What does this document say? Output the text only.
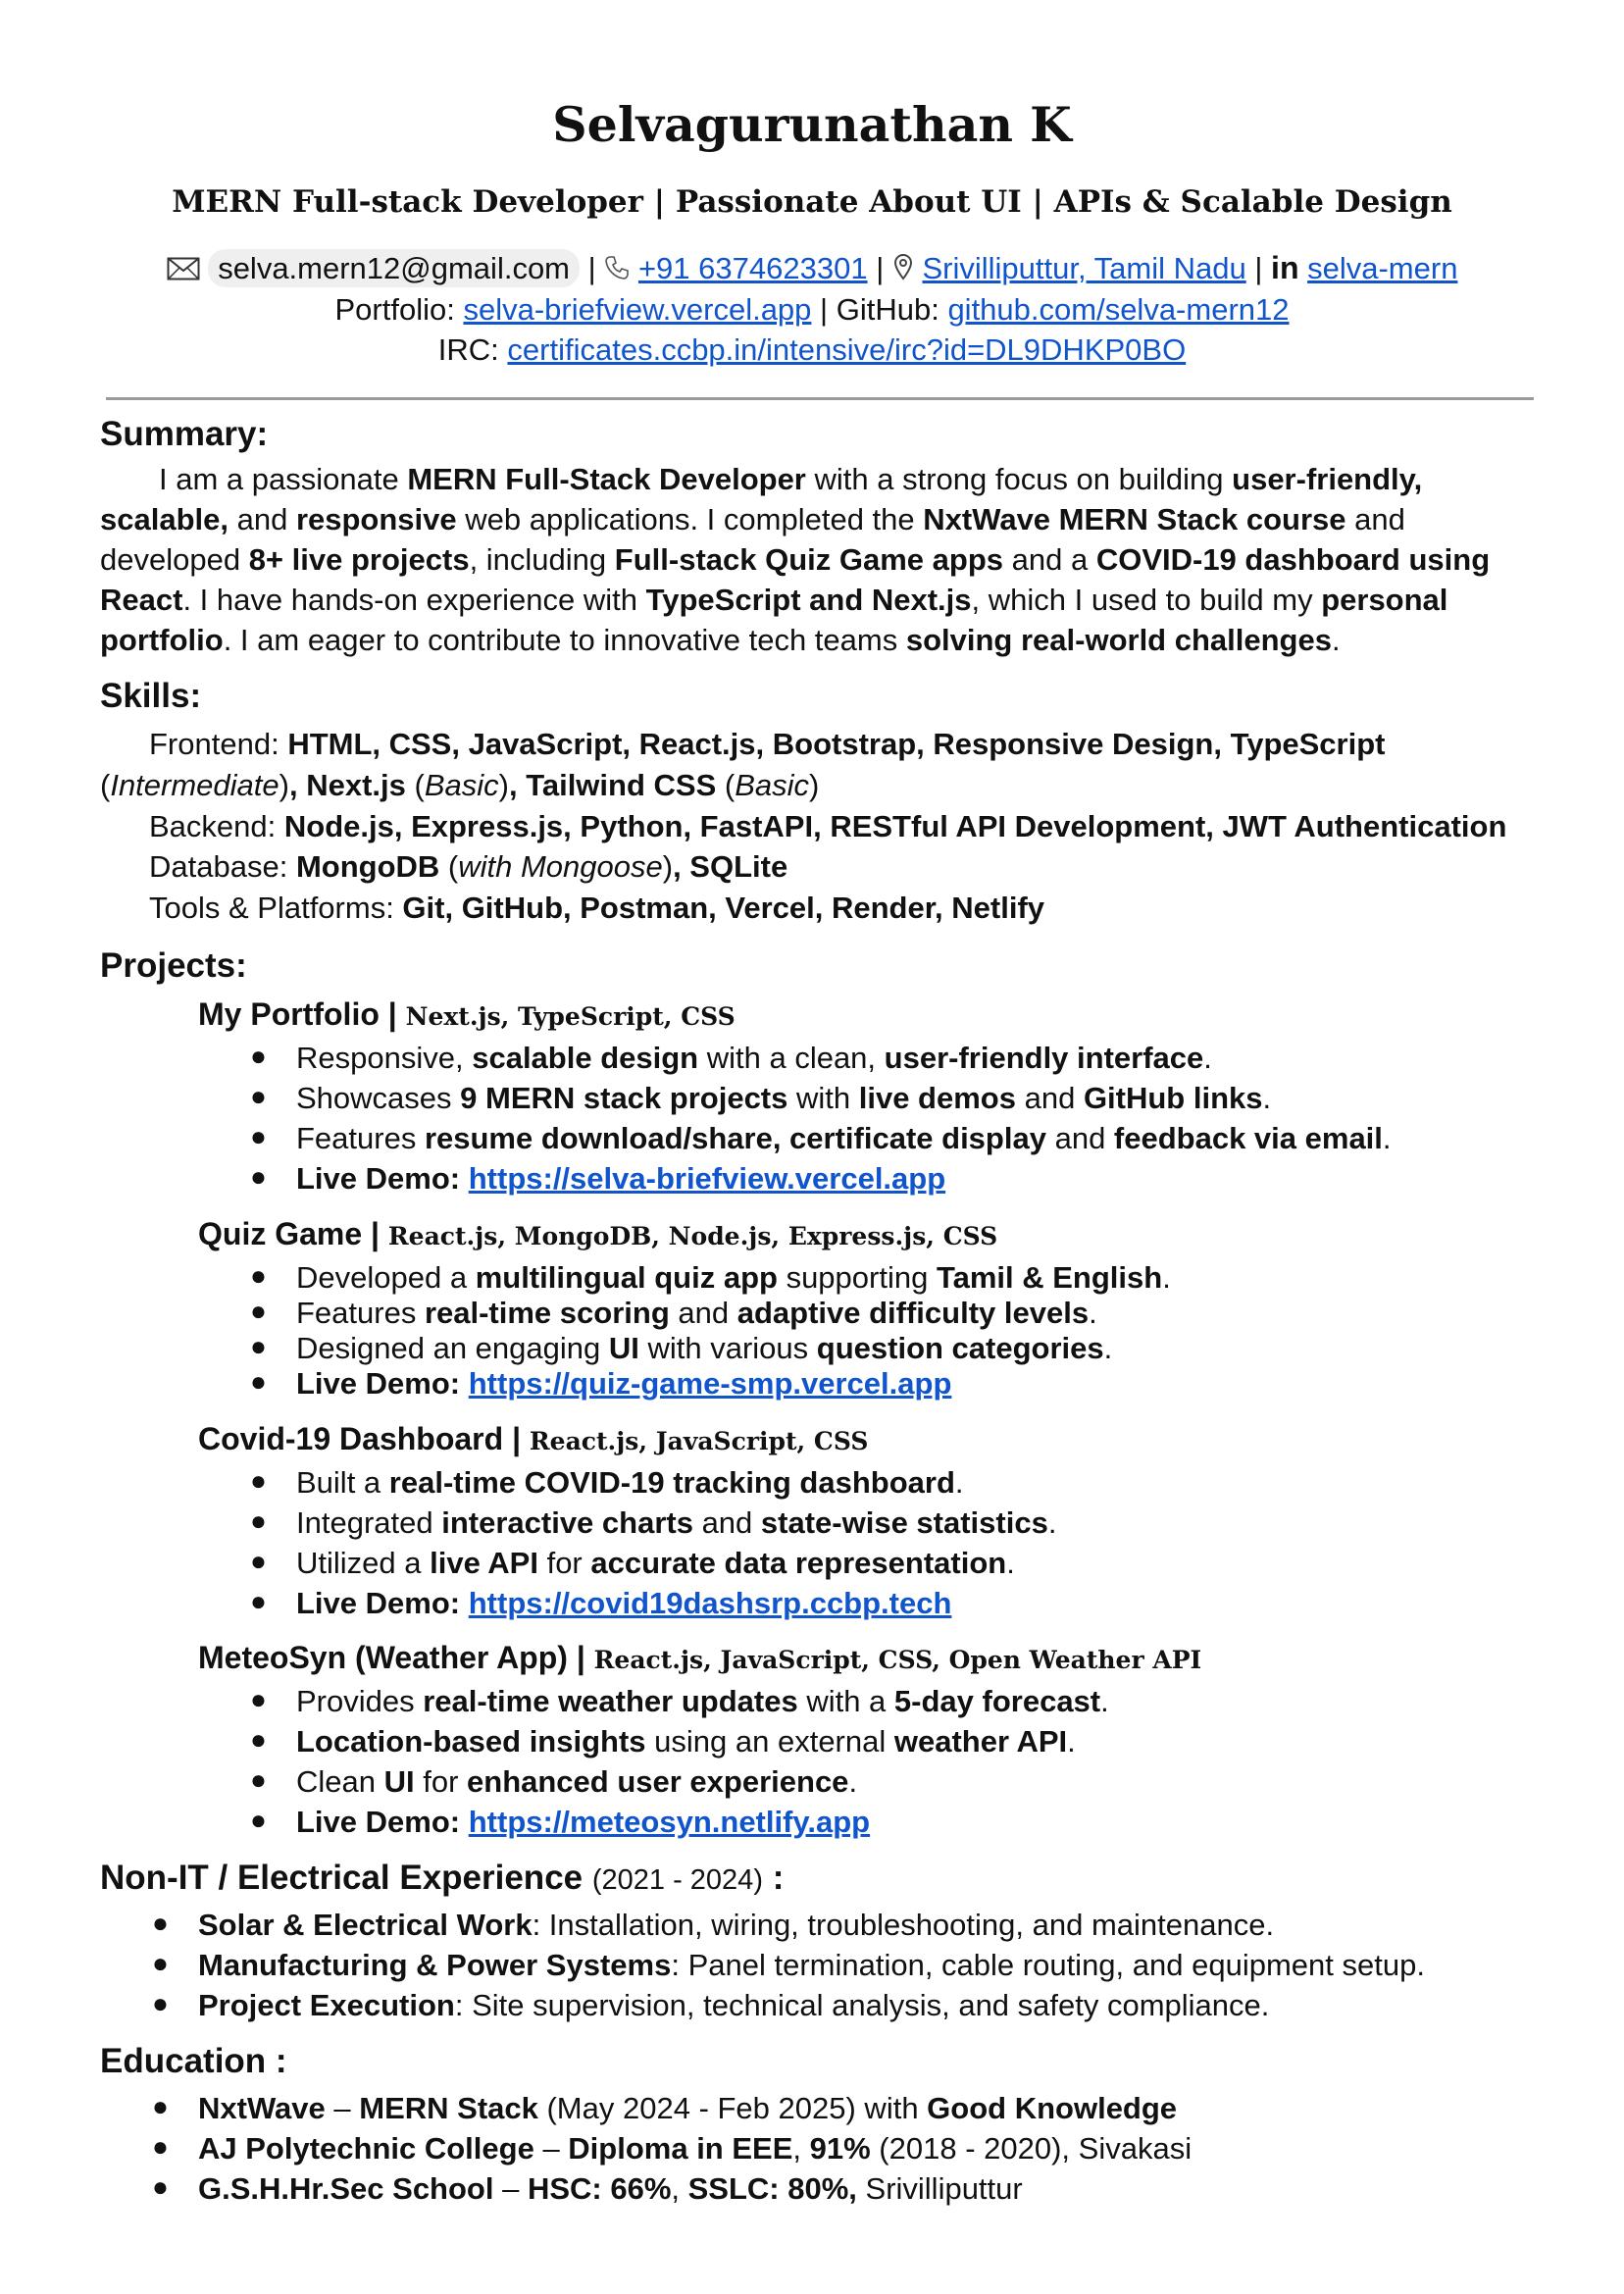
Selvagurunathan K
MERN Full-stack Developer | Passionate About UI | APIs & Scalable Design
selva.mern12@gmail.com | +91 6374623301 | Srivilliputtur, Tamil Nadu | in selva-mern
Portfolio: selva-briefview.vercel.app | GitHub: github.com/selva-mern12
IRC: certificates.ccbp.in/intensive/irc?id=DL9DHKP0BO
Summary:
I am a passionate MERN Full-Stack Developer with a strong focus on building user-friendly, scalable, and responsive web applications. I completed the NxtWave MERN Stack course and developed 8+ live projects, including Full-stack Quiz Game apps and a COVID-19 dashboard using React. I have hands-on experience with TypeScript and Next.js, which I used to build my personal portfolio. I am eager to contribute to innovative tech teams solving real-world challenges.
Skills:
Frontend: HTML, CSS, JavaScript, React.js, Bootstrap, Responsive Design, TypeScript
(Intermediate), Next.js (Basic), Tailwind CSS (Basic)
Backend: Node.js, Express.js, Python, FastAPI, RESTful API Development, JWT Authentication
Database: MongoDB (with Mongoose), SQLite
Tools & Platforms: Git, GitHub, Postman, Vercel, Render, Netlify
Projects:
My Portfolio | Next.js, TypeScript, CSS
● Responsive, scalable design with a clean, user-friendly interface.
● Showcases 9 MERN stack projects with live demos and GitHub links.
● Features resume download/share, certificate display and feedback via email.
● Live Demo: https://selva-briefview.vercel.app
Quiz Game | React.js, MongoDB, Node.js, Express.js, CSS
● Developed a multilingual quiz app supporting Tamil & English.
● Features real-time scoring and adaptive difficulty levels.
● Designed an engaging UI with various question categories.
● Live Demo: https://quiz-game-smp.vercel.app
Covid-19 Dashboard | React.js, JavaScript, CSS
● Built a real-time COVID-19 tracking dashboard.
● Integrated interactive charts and state-wise statistics.
● Utilized a live API for accurate data representation.
● Live Demo: https://covid19dashsrp.ccbp.tech
MeteoSyn (Weather App) | React.js, JavaScript, CSS, Open Weather API
● Provides real-time weather updates with a 5-day forecast.
● Location-based insights using an external weather API.
● Clean UI for enhanced user experience.
● Live Demo: https://meteosyn.netlify.app
Non-IT / Electrical Experience (2021 - 2024) :
● Solar & Electrical Work: Installation, wiring, troubleshooting, and maintenance.
● Manufacturing & Power Systems: Panel termination, cable routing, and equipment setup.
● Project Execution: Site supervision, technical analysis, and safety compliance.
Education :
● NxtWave – MERN Stack (May 2024 - Feb 2025) with Good Knowledge
● AJ Polytechnic College – Diploma in EEE, 91% (2018 - 2020), Sivakasi
● G.S.H.Hr.Sec School – HSC: 66%, SSLC: 80%, Srivilliputtur
